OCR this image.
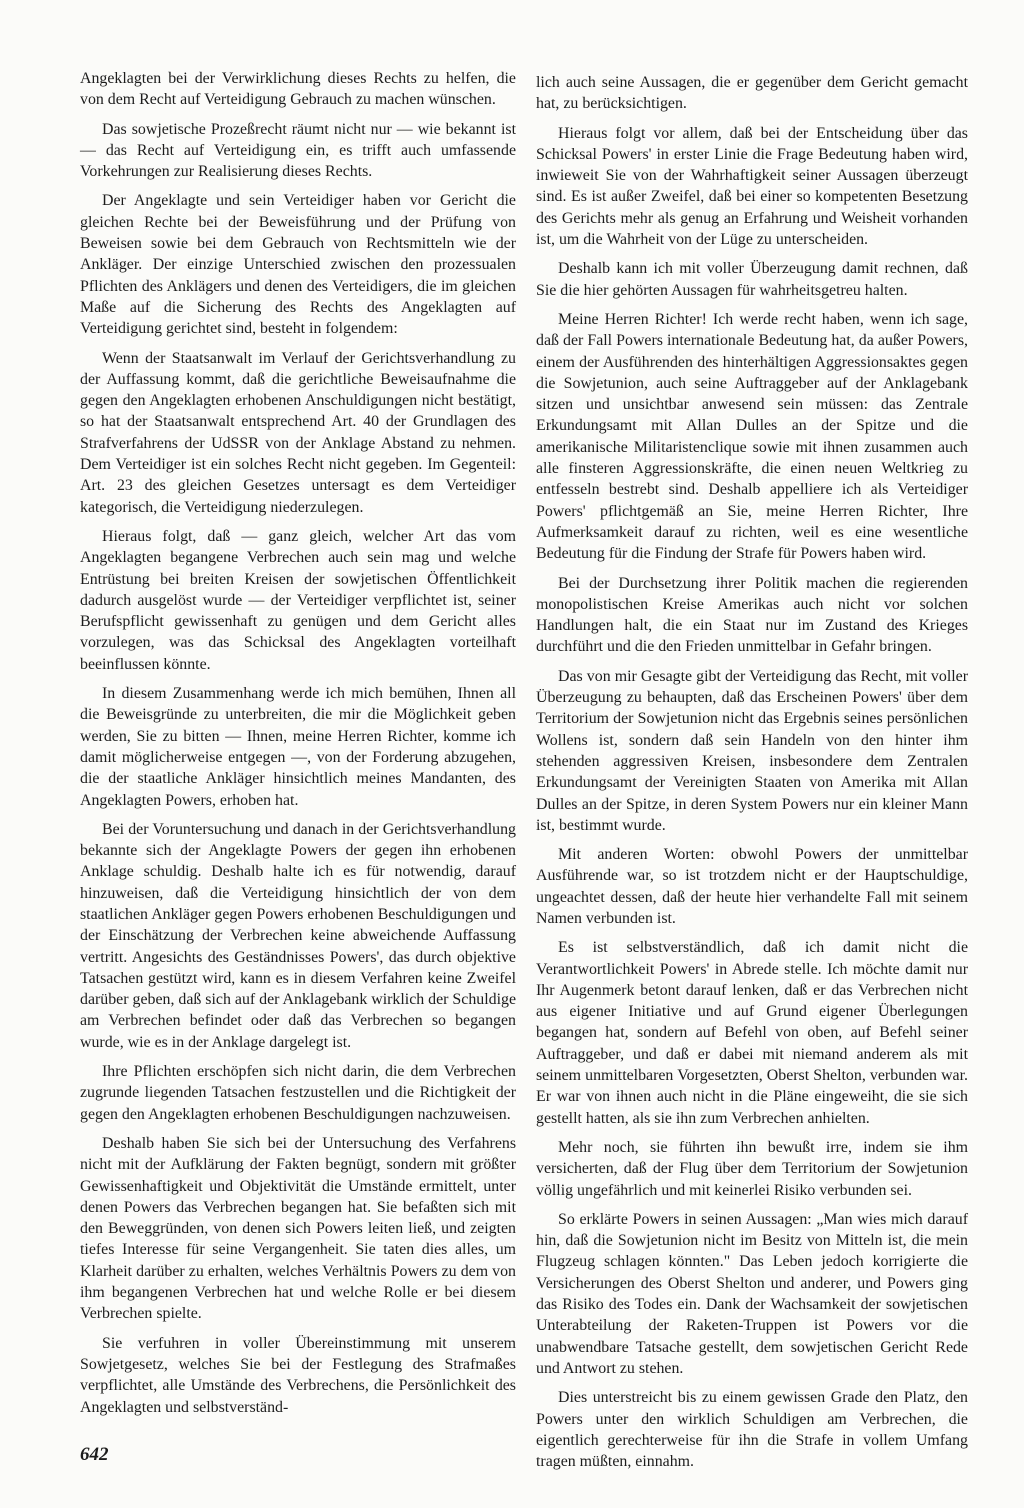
Angeklagten bei der Verwirklichung dieses Rechts zu helfen, die von dem Recht auf Verteidigung Gebrauch zu machen wünschen.

Das sowjetische Prozeßrecht räumt nicht nur — wie bekannt ist — das Recht auf Verteidigung ein, es trifft auch umfassende Vorkehrungen zur Realisierung dieses Rechts.

Der Angeklagte und sein Verteidiger haben vor Gericht die gleichen Rechte bei der Beweisführung und der Prüfung von Beweisen sowie bei dem Gebrauch von Rechtsmitteln wie der Ankläger. Der einzige Unterschied zwischen den prozessualen Pflichten des Anklägers und denen des Verteidigers, die im gleichen Maße auf die Sicherung des Rechts des Angeklagten auf Verteidigung gerichtet sind, besteht in folgendem:

Wenn der Staatsanwalt im Verlauf der Gerichtsverhandlung zu der Auffassung kommt, daß die gerichtliche Beweisaufnahme die gegen den Angeklagten erhobenen Anschuldigungen nicht bestätigt, so hat der Staatsanwalt entsprechend Art. 40 der Grundlagen des Strafverfahrens der UdSSR von der Anklage Abstand zu nehmen. Dem Verteidiger ist ein solches Recht nicht gegeben. Im Gegenteil: Art. 23 des gleichen Gesetzes untersagt es dem Verteidiger kategorisch, die Verteidigung niederzulegen.

Hieraus folgt, daß — ganz gleich, welcher Art das vom Angeklagten begangene Verbrechen auch sein mag und welche Entrüstung bei breiten Kreisen der sowjetischen Öffentlichkeit dadurch ausgelöst wurde — der Verteidiger verpflichtet ist, seiner Berufspflicht gewissenhaft zu genügen und dem Gericht alles vorzulegen, was das Schicksal des Angeklagten vorteilhaft beeinflussen könnte.

In diesem Zusammenhang werde ich mich bemühen, Ihnen all die Beweisgründe zu unterbreiten, die mir die Möglichkeit geben werden, Sie zu bitten — Ihnen, meine Herren Richter, komme ich damit möglicherweise entgegen —, von der Forderung abzugehen, die der staatliche Ankläger hinsichtlich meines Mandanten, des Angeklagten Powers, erhoben hat.

Bei der Voruntersuchung und danach in der Gerichtsverhandlung bekannte sich der Angeklagte Powers der gegen ihn erhobenen Anklage schuldig. Deshalb halte ich es für notwendig, darauf hinzuweisen, daß die Verteidigung hinsichtlich der von dem staatlichen Ankläger gegen Powers erhobenen Beschuldigungen und der Einschätzung der Verbrechen keine abweichende Auffassung vertritt. Angesichts des Geständnisses Powers', das durch objektive Tatsachen gestützt wird, kann es in diesem Verfahren keine Zweifel darüber geben, daß sich auf der Anklagebank wirklich der Schuldige am Verbrechen befindet oder daß das Verbrechen so begangen wurde, wie es in der Anklage dargelegt ist.

Ihre Pflichten erschöpfen sich nicht darin, die dem Verbrechen zugrunde liegenden Tatsachen festzustellen und die Richtigkeit der gegen den Angeklagten erhobenen Beschuldigungen nachzuweisen.

Deshalb haben Sie sich bei der Untersuchung des Verfahrens nicht mit der Aufklärung der Fakten begnügt, sondern mit größter Gewissenhaftigkeit und Objektivität die Umstände ermittelt, unter denen Powers das Verbrechen begangen hat. Sie befaßten sich mit den Beweggründen, von denen sich Powers leiten ließ, und zeigten tiefes Interesse für seine Vergangenheit. Sie taten dies alles, um Klarheit darüber zu erhalten, welches Verhältnis Powers zu dem von ihm begangenen Verbrechen hat und welche Rolle er bei diesem Verbrechen spielte.

Sie verfuhren in voller Übereinstimmung mit unserem Sowjetgesetz, welches Sie bei der Festlegung des Strafmaßes verpflichtet, alle Umstände des Verbrechens, die Persönlichkeit des Angeklagten und selbstverständ-

lich auch seine Aussagen, die er gegenüber dem Gericht gemacht hat, zu berücksichtigen.

Hieraus folgt vor allem, daß bei der Entscheidung über das Schicksal Powers' in erster Linie die Frage Bedeutung haben wird, inwieweit Sie von der Wahrhaftigkeit seiner Aussagen überzeugt sind. Es ist außer Zweifel, daß bei einer so kompetenten Besetzung des Gerichts mehr als genug an Erfahrung und Weisheit vorhanden ist, um die Wahrheit von der Lüge zu unterscheiden.

Deshalb kann ich mit voller Überzeugung damit rechnen, daß Sie die hier gehörten Aussagen für wahrheitsgetreu halten.

Meine Herren Richter! Ich werde recht haben, wenn ich sage, daß der Fall Powers internationale Bedeutung hat, da außer Powers, einem der Ausführenden des hinterhältigen Aggressionsaktes gegen die Sowjetunion, auch seine Auftraggeber auf der Anklagebank sitzen und unsichtbar anwesend sein müssen: das Zentrale Erkundungsamt mit Allan Dulles an der Spitze und die amerikanische Militaristenclique sowie mit ihnen zusammen auch alle finsteren Aggressionskräfte, die einen neuen Weltkrieg zu entfesseln bestrebt sind. Deshalb appelliere ich als Verteidiger Powers' pflichtgemäß an Sie, meine Herren Richter, Ihre Aufmerksamkeit darauf zu richten, weil es eine wesentliche Bedeutung für die Findung der Strafe für Powers haben wird.

Bei der Durchsetzung ihrer Politik machen die regierenden monopolistischen Kreise Amerikas auch nicht vor solchen Handlungen halt, die ein Staat nur im Zustand des Krieges durchführt und die den Frieden unmittelbar in Gefahr bringen.

Das von mir Gesagte gibt der Verteidigung das Recht, mit voller Überzeugung zu behaupten, daß das Erscheinen Powers' über dem Territorium der Sowjetunion nicht das Ergebnis seines persönlichen Wollens ist, sondern daß sein Handeln von den hinter ihm stehenden aggressiven Kreisen, insbesondere dem Zentralen Erkundungsamt der Vereinigten Staaten von Amerika mit Allan Dulles an der Spitze, in deren System Powers nur ein kleiner Mann ist, bestimmt wurde.

Mit anderen Worten: obwohl Powers der unmittelbar Ausführende war, so ist trotzdem nicht er der Hauptschuldige, ungeachtet dessen, daß der heute hier verhandelte Fall mit seinem Namen verbunden ist.

Es ist selbstverständlich, daß ich damit nicht die Verantwortlichkeit Powers' in Abrede stelle. Ich möchte damit nur Ihr Augenmerk betont darauf lenken, daß er das Verbrechen nicht aus eigener Initiative und auf Grund eigener Überlegungen begangen hat, sondern auf Befehl von oben, auf Befehl seiner Auftraggeber, und daß er dabei mit niemand anderem als mit seinem unmittelbaren Vorgesetzten, Oberst Shelton, verbunden war. Er war von ihnen auch nicht in die Pläne eingeweiht, die sie sich gestellt hatten, als sie ihn zum Verbrechen anhielten.

Mehr noch, sie führten ihn bewußt irre, indem sie ihm versicherten, daß der Flug über dem Territorium der Sowjetunion völlig ungefährlich und mit keinerlei Risiko verbunden sei.

So erklärte Powers in seinen Aussagen: „Man wies mich darauf hin, daß die Sowjetunion nicht im Besitz von Mitteln ist, die mein Flugzeug schlagen könnten." Das Leben jedoch korrigierte die Versicherungen des Oberst Shelton und anderer, und Powers ging das Risiko des Todes ein. Dank der Wachsamkeit der sowjetischen Unterabteilung der Raketen-Truppen ist Powers vor die unabwendbare Tatsache gestellt, dem sowjetischen Gericht Rede und Antwort zu stehen.

Dies unterstreicht bis zu einem gewissen Grade den Platz, den Powers unter den wirklich Schuldigen am Verbrechen, die eigentlich gerechterweise für ihn die Strafe in vollem Umfang tragen müßten, einnahm.

642
